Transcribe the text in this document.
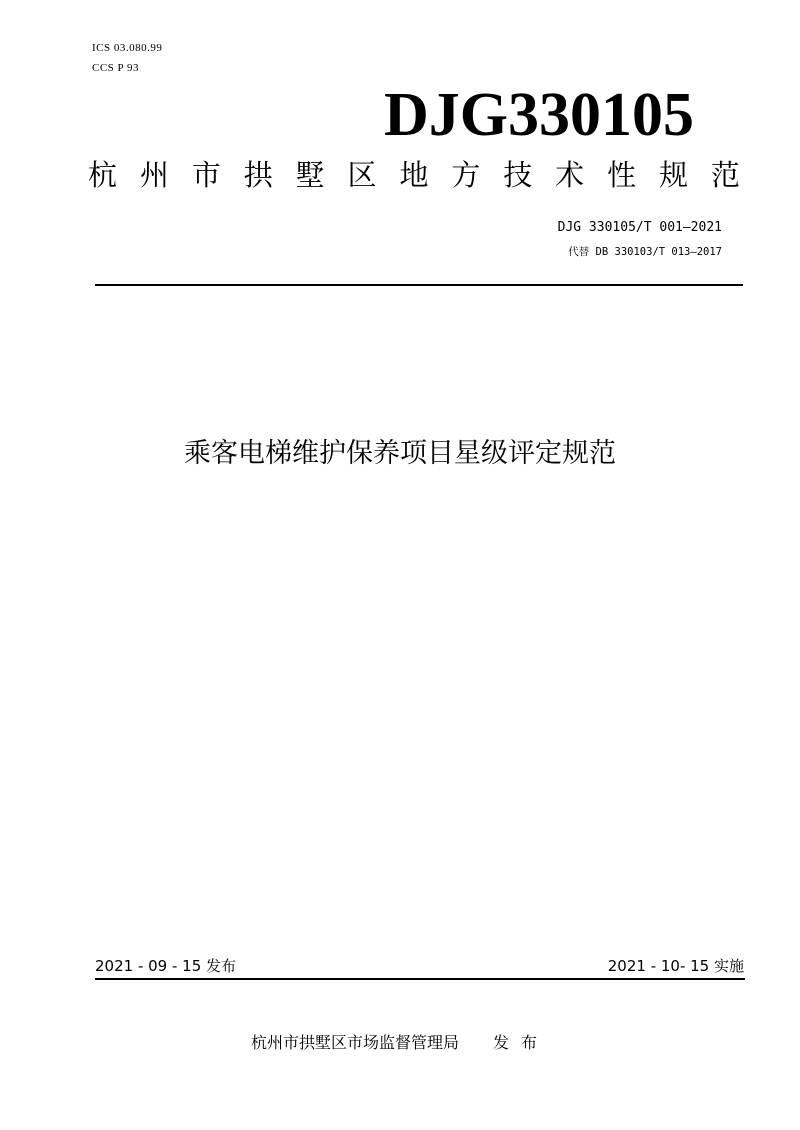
ICS 03.080.99
CCS P 93
DJG330105
杭 州 市 拱 墅 区 地 方 技 术 性 规 范
DJG 330105/T 001—2021
代替 DB 330103/T 013—2017
乘客电梯维护保养项目星级评定规范
2021 - 09 - 15 发布	2021 - 10- 15 实施
杭州市拱墅区市场监督管理局 发布
